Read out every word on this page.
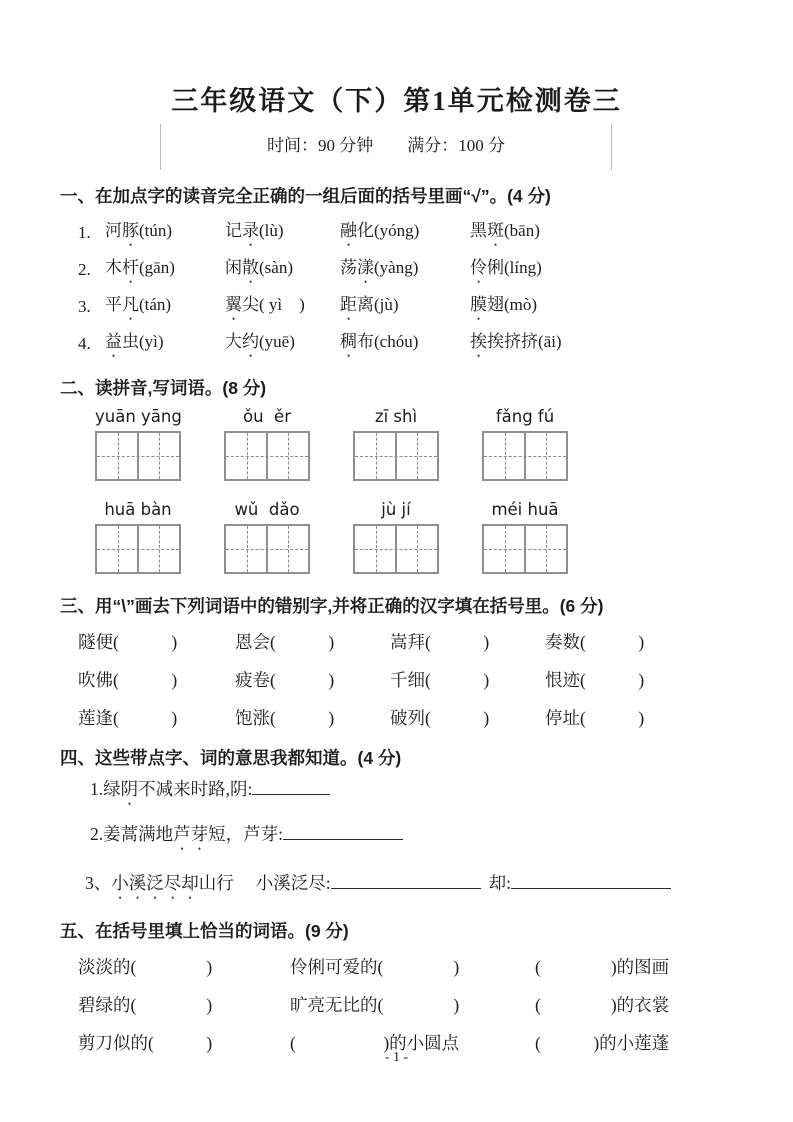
三年级语文（下）第1单元检测卷三
时间：90 分钟　　满分：100 分
一、在加点字的读音完全正确的一组后面的括号里画“√”。(4 分)
1. 河豚(tún)	记录(lù)	融化(yóng)	黑斑(bān)
2. 木杆(gān)	闲散(sàn)	荡漾(yàng)	伶俐(líng)
3. 平凡(tán)	翼尖( yì　)	距离(jù)	膜翅(mò)
4. 益虫(yì)	大约(yuē)	稠布(chóu)	挨挨挤挤(āi)
二、读拼音,写词语。(8 分)
yuān yāng	ǒu  ěr	zī shì	fǎng fú
huā bàn	wǔ  dǎo	jù jí	méi huā
三、用“\”画去下列词语中的错别字,并将正确的汉字填在括号里。(6 分)
隧便(　　　)	恩会(　　　)	嵩拜(　　　)	奏数(　　　)
吹佛(　　　)	疲卷(　　　)	千细(　　　)	恨迹(　　　)
莲逢(　　　)	饱涨(　　　)	破列(　　　)	停址(　　　)
四、这些带点字、词的意思我都知道。(4 分)
1.绿阴不减来时路,阴:
2.姜蒿满地芦芽短，芦芽:
3、小溪泛尽却山行 小溪泛尽:	却:
五、在括号里填上恰当的词语。(9 分)
淡淡的(　　　　)	伶俐可爱的(　　　　)	(　　　　)的图画
碧绿的(　　　　)	旷亮无比的(　　　　)	(　　　　)的衣裳
剪刀似的(　　　)	(　　　　　)的小圆点	(　　　)的小莲蓬
- 1 -
